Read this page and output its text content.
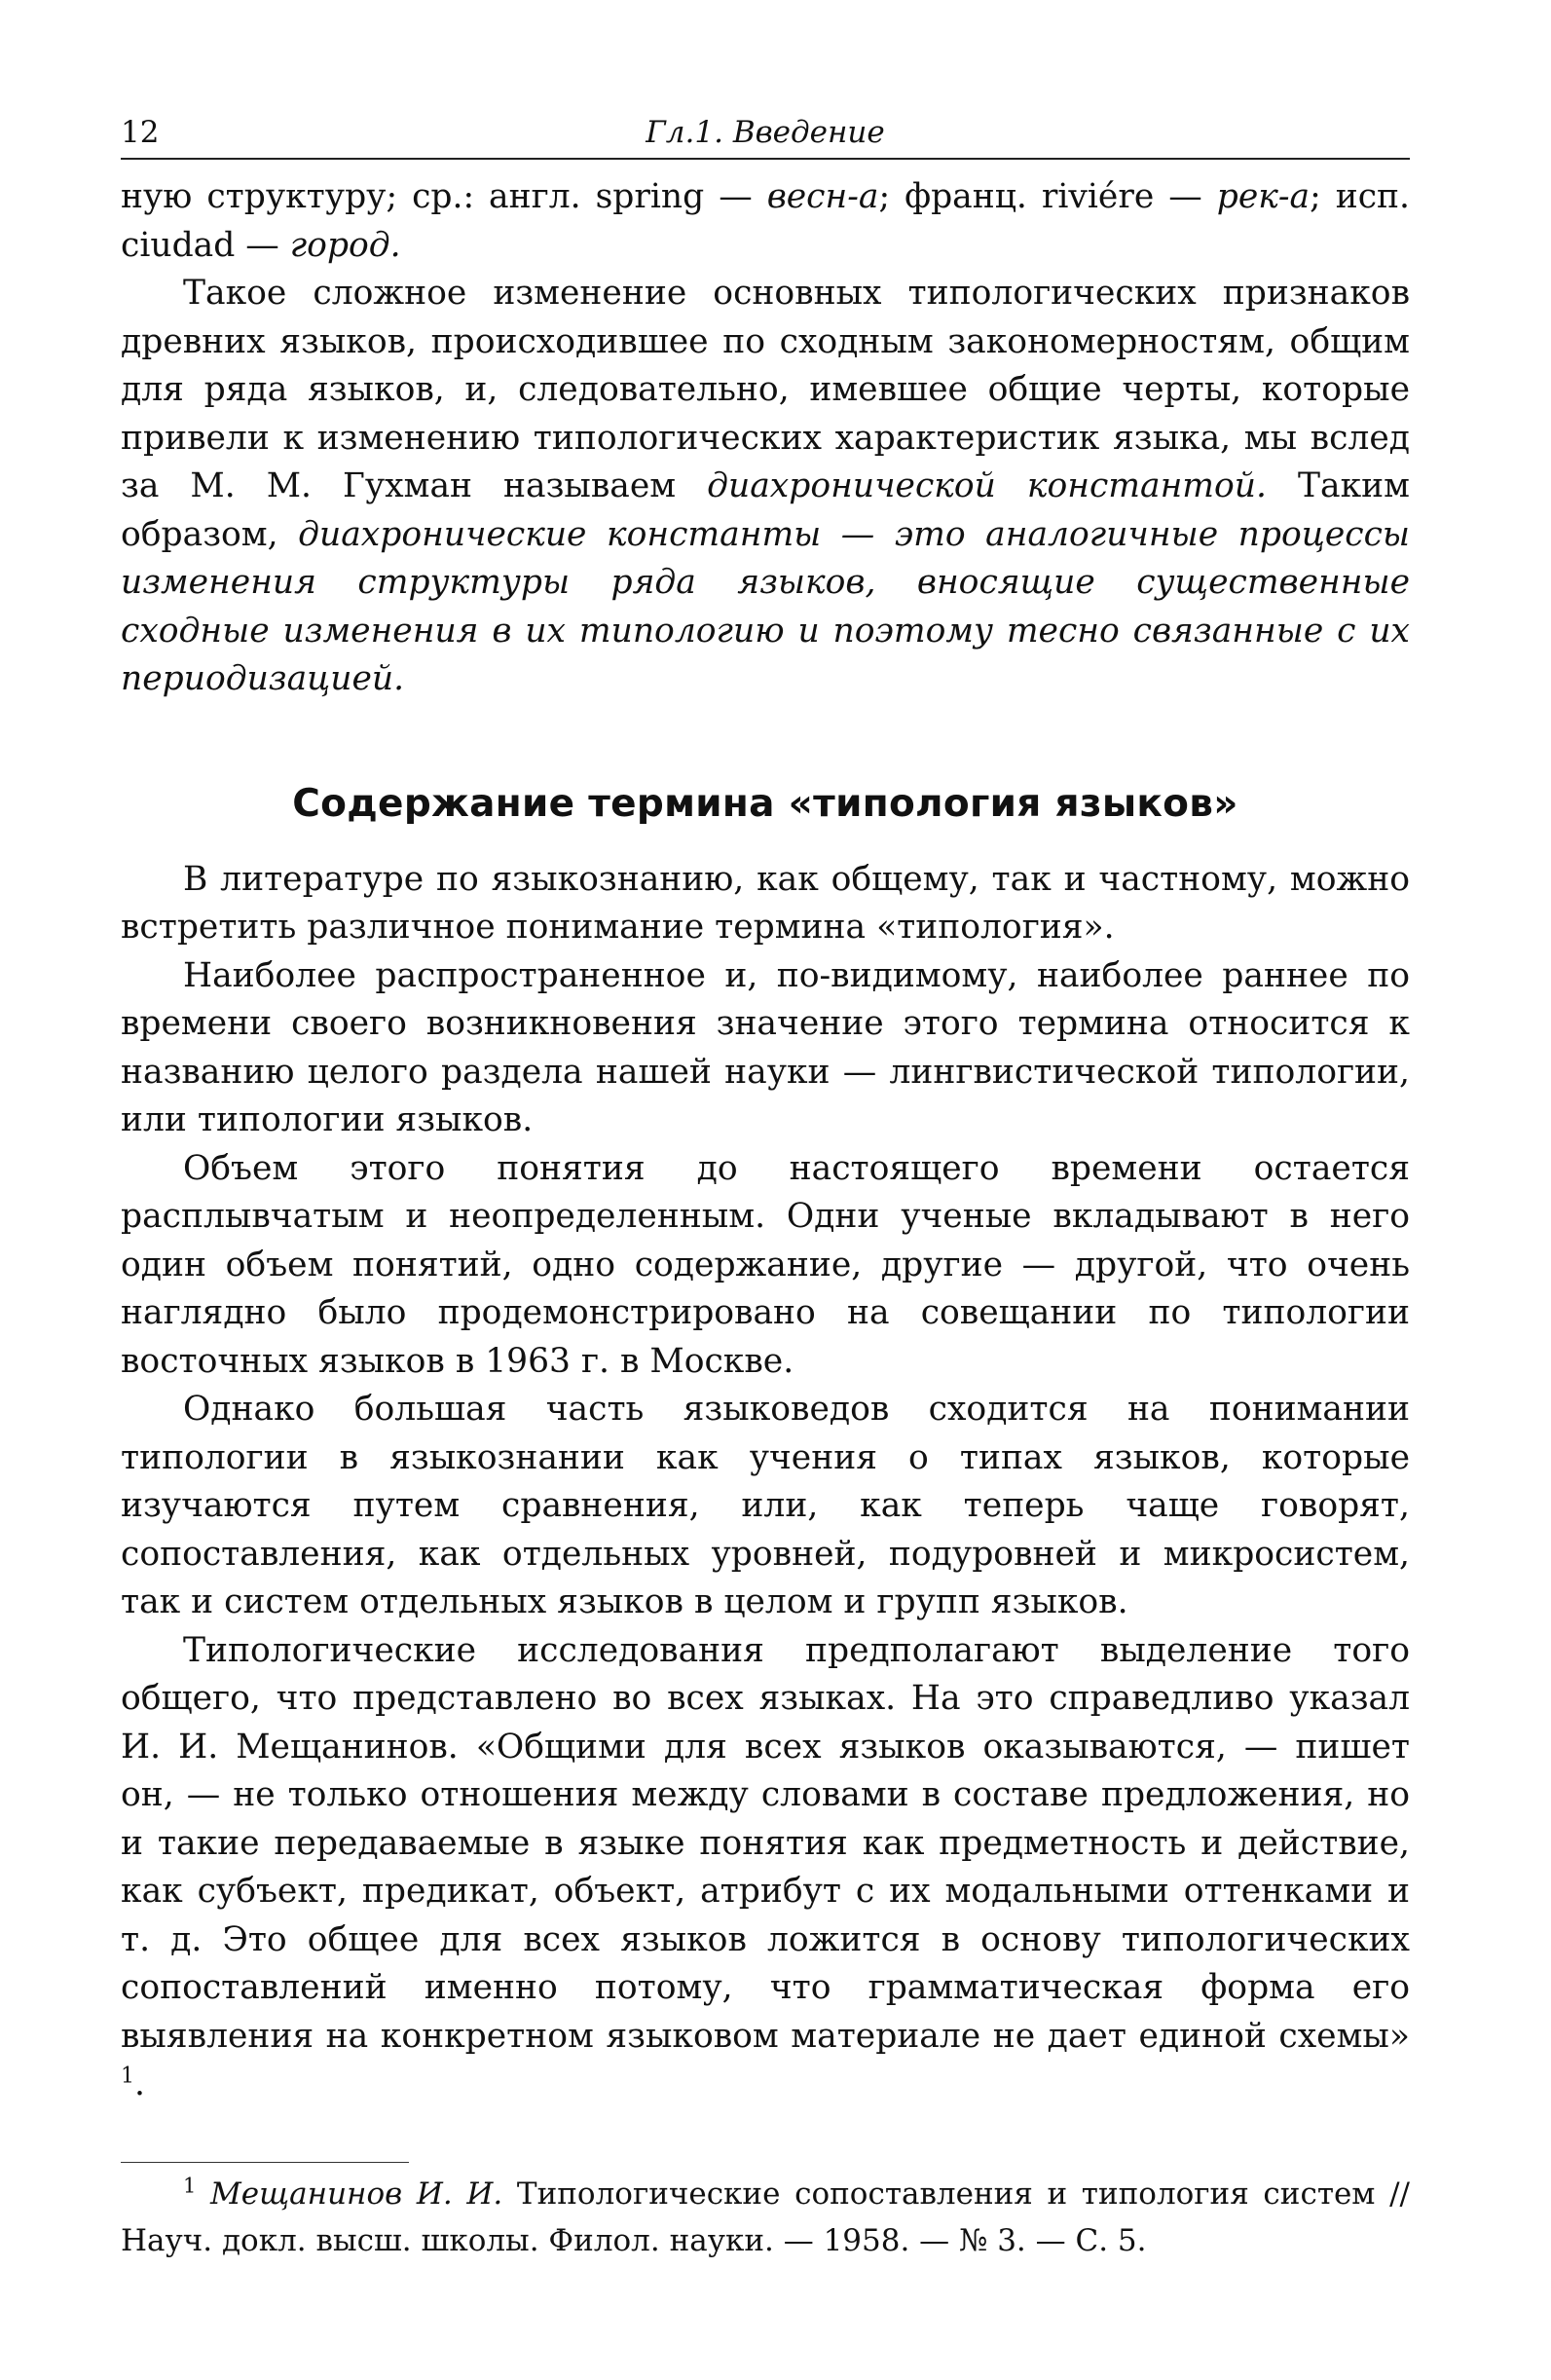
12	Гл.1. Введение

ную структуру; ср.: англ. spring — весн-а; франц. riviére — рек-а; исп. ciudad — город.

Такое сложное изменение основных типологических признаков древних языков, происходившее по сходным закономерностям, общим для ряда языков, и, следовательно, имевшее общие черты, которые привели к изменению типологических характеристик языка, мы вслед за М. М. Гухман называем диахронической константой. Таким образом, диахронические константы — это аналогичные процессы изменения структуры ряда языков, вносящие существенные сходные изменения в их типологию и поэтому тесно связанные с их периодизацией.

Содержание термина «типология языков»

В литературе по языкознанию, как общему, так и частному, можно встретить различное понимание термина «типология».

Наиболее распространенное и, по-видимому, наиболее раннее по времени своего возникновения значение этого термина относится к названию целого раздела нашей науки — лингвистической типологии, или типологии языков.

Объем этого понятия до настоящего времени остается расплывчатым и неопределенным. Одни ученые вкладывают в него один объем понятий, одно содержание, другие — другой, что очень наглядно было продемонстрировано на совещании по типологии восточных языков в 1963 г. в Москве.

Однако большая часть языковедов сходится на понимании типологии в языкознании как учения о типах языков, которые изучаются путем сравнения, или, как теперь чаще говорят, сопоставления, как отдельных уровней, подуровней и микросистем, так и систем отдельных языков в целом и групп языков.

Типологические исследования предполагают выделение того общего, что представлено во всех языках. На это справедливо указал И. И. Мещанинов. «Общими для всех языков оказываются, — пишет он, — не только отношения между словами в составе предложения, но и такие передаваемые в языке понятия как предметность и действие, как субъект, предикат, объект, атрибут с их модальными оттенками и т. д. Это общее для всех языков ложится в основу типологических сопоставлений именно потому, что грамматическая форма его выявления на конкретном языковом материале не дает единой схемы» $^1$.

$^1$ Мещанинов И. И. Типологические сопоставления и типология систем // Науч. докл. высш. школы. Филол. науки. — 1958. — № 3. — С. 5.
